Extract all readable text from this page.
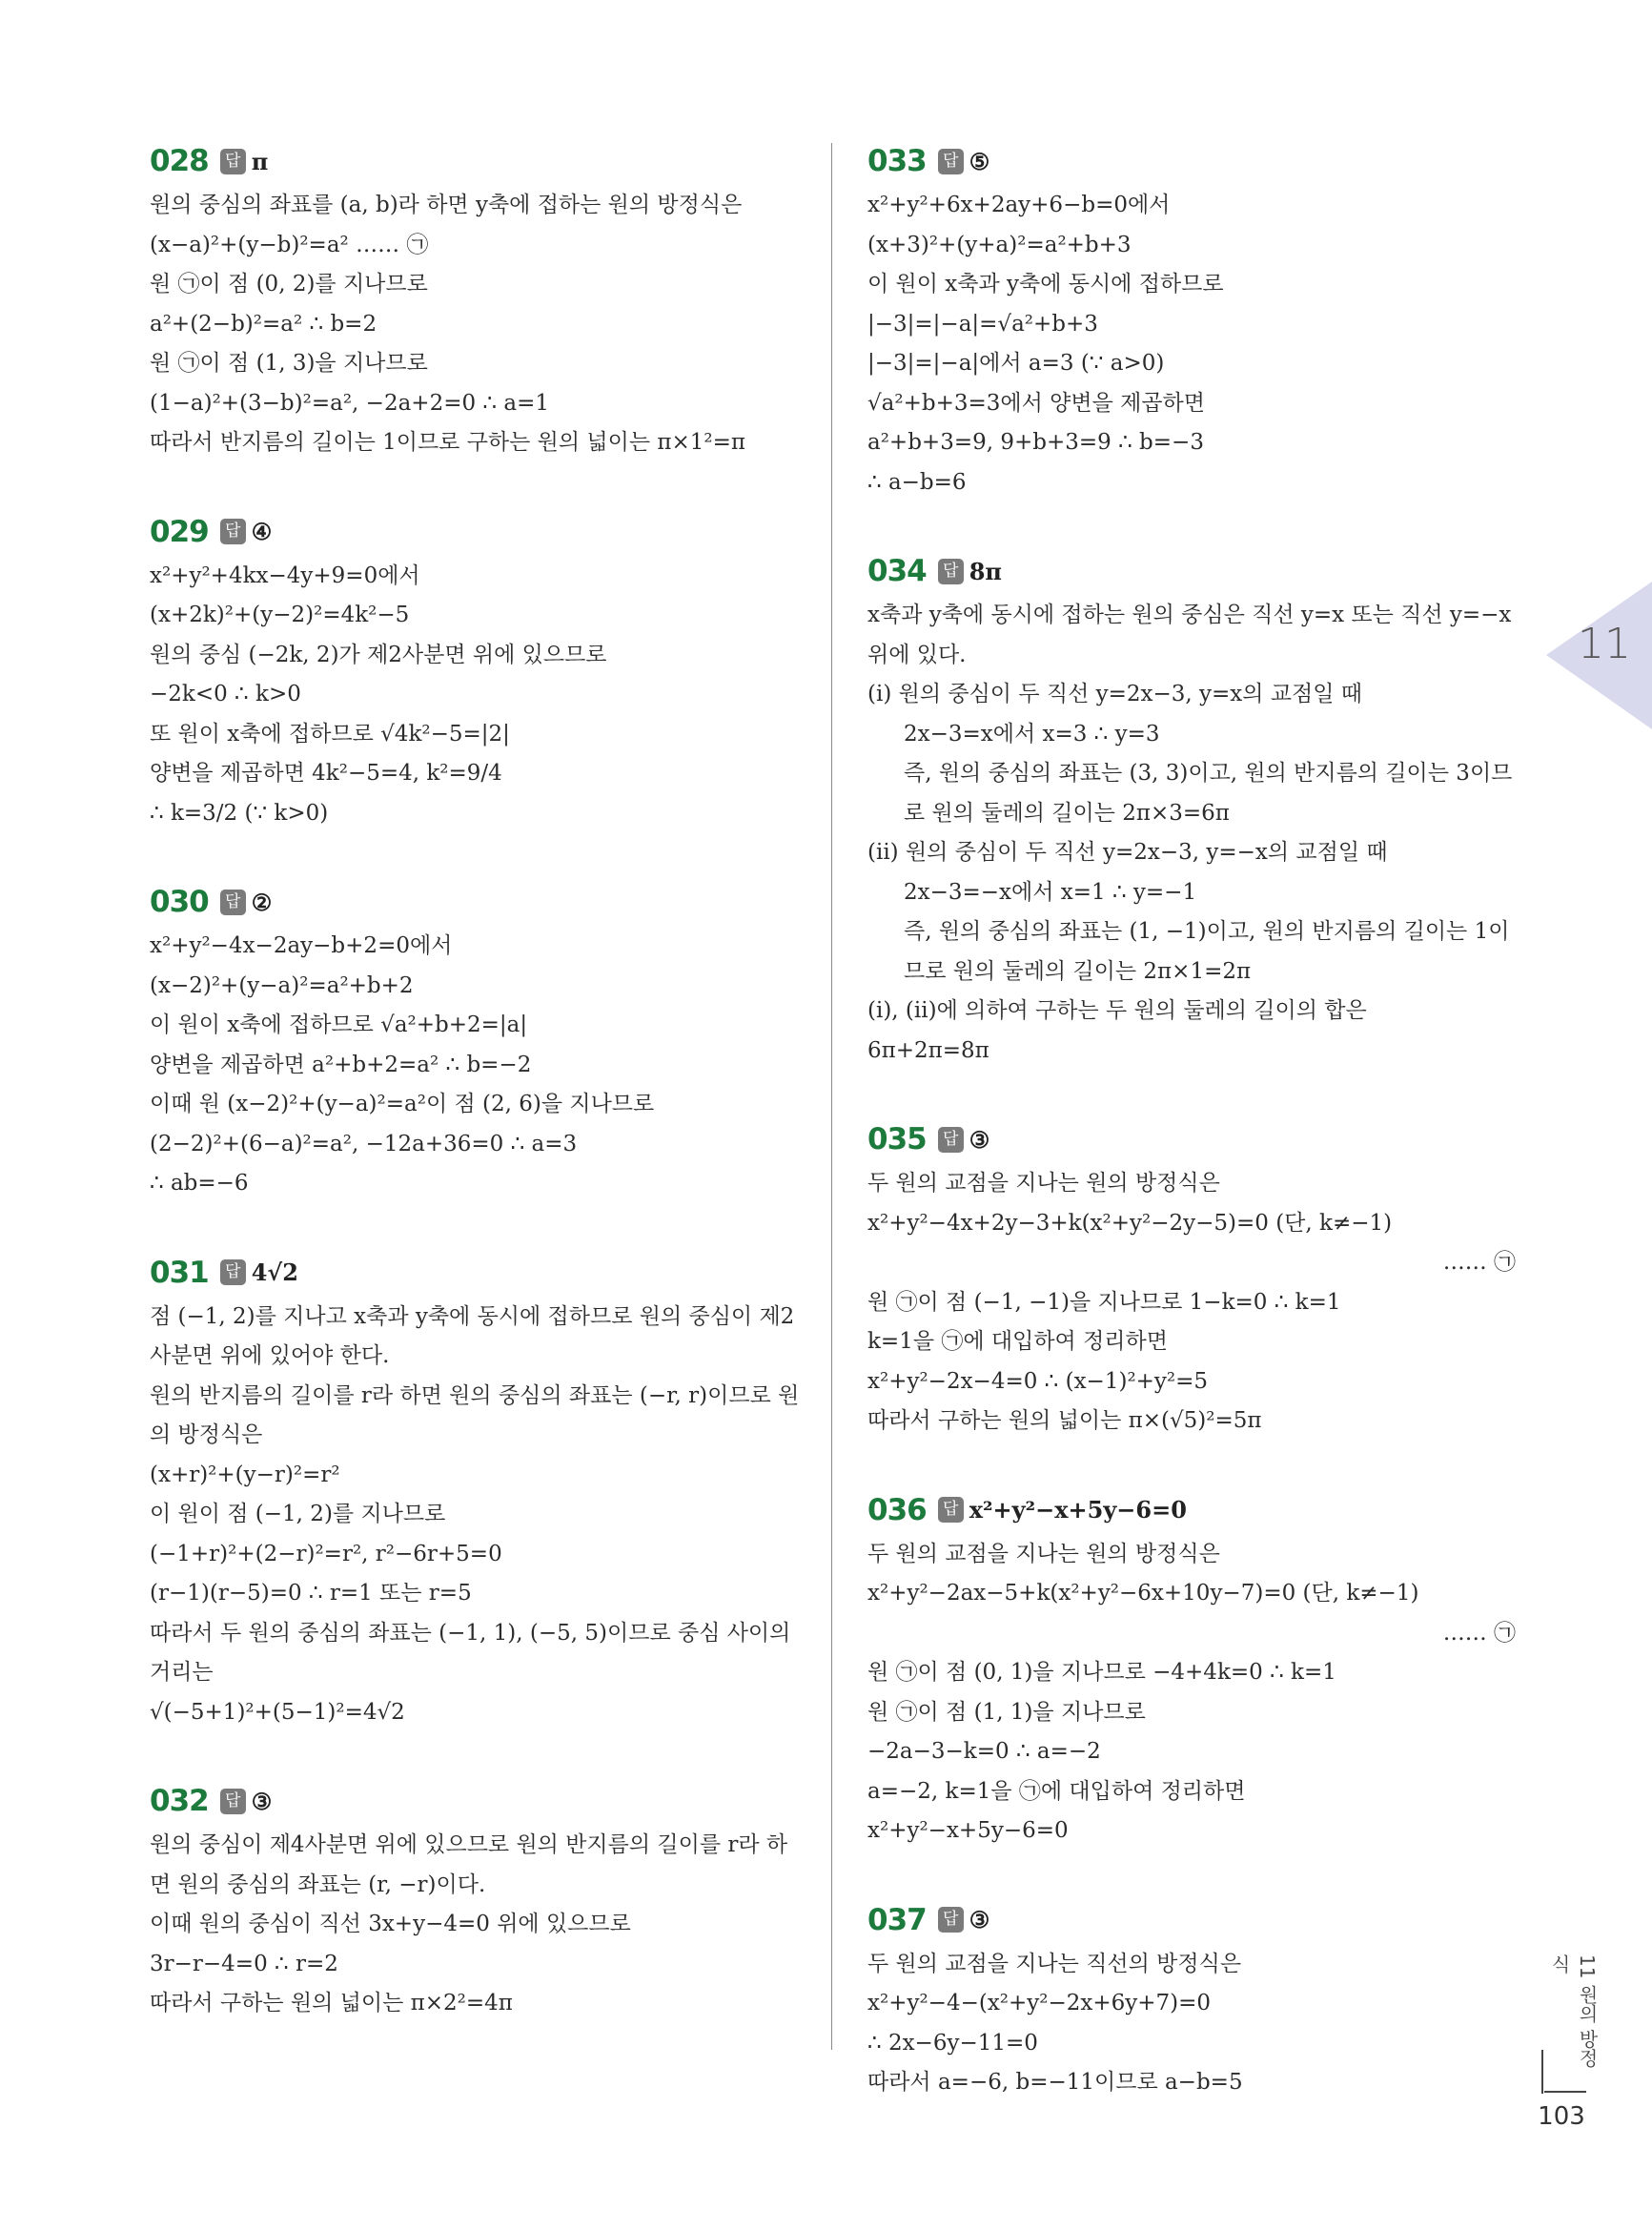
028	답 π
원의 중심의 좌표를 (a, b)라 하면 y축에 접하는 원의 방정식은
(x−a)²+(y−b)²=a² …… ㉠
원 ㉠이 점 (0, 2)를 지나므로
a²+(2−b)²=a² ∴ b=2
원 ㉠이 점 (1, 3)을 지나므로
(1−a)²+(3−b)²=a², −2a+2=0 ∴ a=1
따라서 반지름의 길이는 1이므로 구하는 원의 넓이는 π×1²=π
029	답 ④
x²+y²+4kx−4y+9=0에서
(x+2k)²+(y−2)²=4k²−5
원의 중심 (−2k, 2)가 제2사분면 위에 있으므로
−2k<0 ∴ k>0
또 원이 x축에 접하므로 √4k²−5=|2|
양변을 제곱하면 4k²−5=4, k²=9/4
∴ k=3/2 (∵ k>0)
030	답 ②
x²+y²−4x−2ay−b+2=0에서
(x−2)²+(y−a)²=a²+b+2
이 원이 x축에 접하므로 √a²+b+2=|a|
양변을 제곱하면 a²+b+2=a² ∴ b=−2
이때 원 (x−2)²+(y−a)²=a²이 점 (2, 6)을 지나므로
(2−2)²+(6−a)²=a², −12a+36=0 ∴ a=3
∴ ab=−6
031	답 4√2
점 (−1, 2)를 지나고 x축과 y축에 동시에 접하므로 원의 중심이 제2사분면 위에 있어야 한다.
원의 반지름의 길이를 r라 하면 원의 중심의 좌표는 (−r, r)이므로 원의 방정식은
(x+r)²+(y−r)²=r²
이 원이 점 (−1, 2)를 지나므로
(−1+r)²+(2−r)²=r², r²−6r+5=0
(r−1)(r−5)=0 ∴ r=1 또는 r=5
따라서 두 원의 중심의 좌표는 (−1, 1), (−5, 5)이므로 중심 사이의 거리는
√(−5+1)²+(5−1)²=4√2
032	답 ③
원의 중심이 제4사분면 위에 있으므로 원의 반지름의 길이를 r라 하면 원의 중심의 좌표는 (r, −r)이다.
이때 원의 중심이 직선 3x+y−4=0 위에 있으므로
3r−r−4=0 ∴ r=2
따라서 구하는 원의 넓이는 π×2²=4π
033	답 ⑤
x²+y²+6x+2ay+6−b=0에서
(x+3)²+(y+a)²=a²+b+3
이 원이 x축과 y축에 동시에 접하므로
|−3|=|−a|=√a²+b+3
|−3|=|−a|에서 a=3 (∵ a>0)
√a²+b+3=3에서 양변을 제곱하면
a²+b+3=9, 9+b+3=9 ∴ b=−3
∴ a−b=6
034	답 8π
x축과 y축에 동시에 접하는 원의 중심은 직선 y=x 또는 직선 y=−x 위에 있다.
(i) 원의 중심이 두 직선 y=2x−3, y=x의 교점일 때
2x−3=x에서 x=3 ∴ y=3
즉, 원의 중심의 좌표는 (3, 3)이고, 원의 반지름의 길이는 3이므로 원의 둘레의 길이는 2π×3=6π
(ii) 원의 중심이 두 직선 y=2x−3, y=−x의 교점일 때
2x−3=−x에서 x=1 ∴ y=−1
즉, 원의 중심의 좌표는 (1, −1)이고, 원의 반지름의 길이는 1이므로 원의 둘레의 길이는 2π×1=2π
(i), (ii)에 의하여 구하는 두 원의 둘레의 길이의 합은
6π+2π=8π
035	답 ③
두 원의 교점을 지나는 원의 방정식은
x²+y²−4x+2y−3+k(x²+y²−2y−5)=0 (단, k≠−1)
…… ㉠
원 ㉠이 점 (−1, −1)을 지나므로 1−k=0 ∴ k=1
k=1을 ㉠에 대입하여 정리하면
x²+y²−2x−4=0 ∴ (x−1)²+y²=5
따라서 구하는 원의 넓이는 π×(√5)²=5π
036	답 x²+y²−x+5y−6=0
두 원의 교점을 지나는 원의 방정식은
x²+y²−2ax−5+k(x²+y²−6x+10y−7)=0 (단, k≠−1)
…… ㉠
원 ㉠이 점 (0, 1)을 지나므로 −4+4k=0 ∴ k=1
원 ㉠이 점 (1, 1)을 지나므로
−2a−3−k=0 ∴ a=−2
a=−2, k=1을 ㉠에 대입하여 정리하면
x²+y²−x+5y−6=0
037	답 ③
두 원의 교점을 지나는 직선의 방정식은
x²+y²−4−(x²+y²−2x+6y+7)=0
∴ 2x−6y−11=0
따라서 a=−6, b=−11이므로 a−b=5
11
11 원의 방정식
103
